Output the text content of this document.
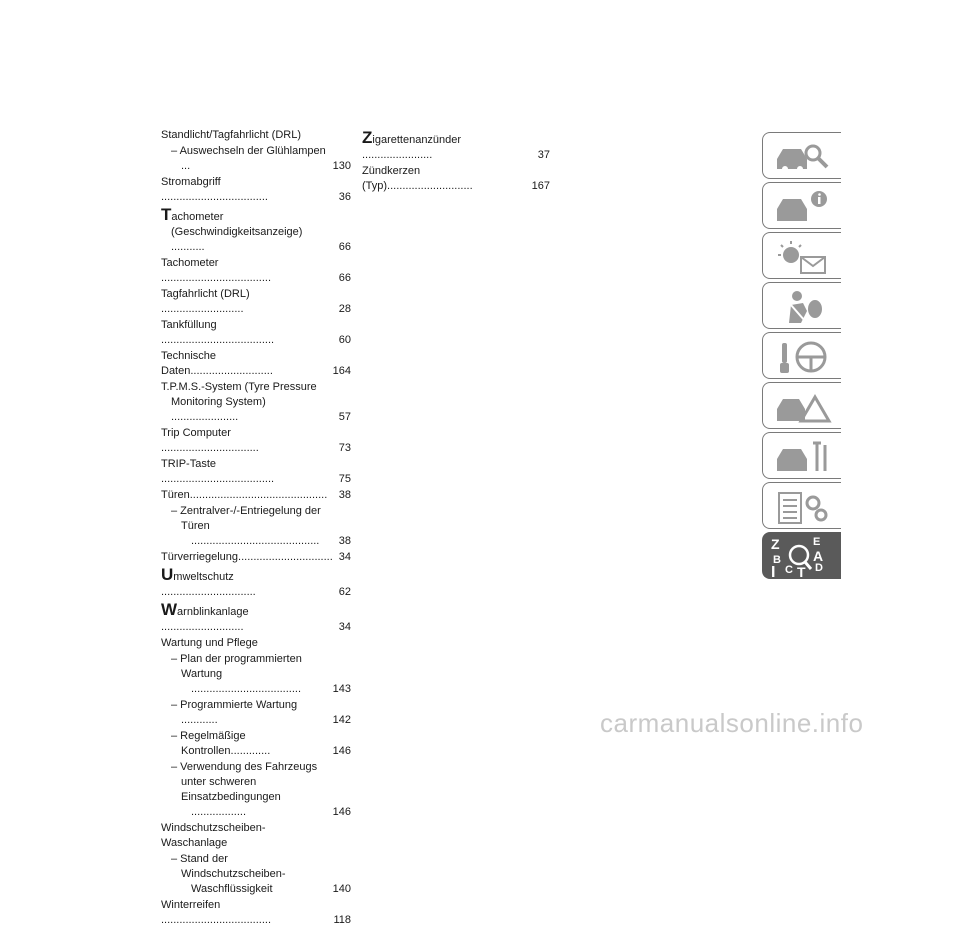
Standlicht/Tagfahrlicht (DRL)
– Auswechseln der Glühlampen ...	130
Stromabgriff ...................................	36
Tachometer
(Geschwindigkeitsanzeige) ...........	66
Tachometer ....................................	66
Tagfahrlicht (DRL) ...........................	28
Tankfüllung .....................................	60
Technische Daten...........................	164
T.P.M.S.-System (Tyre Pressure
Monitoring System) ......................	57
Trip Computer ................................	73
TRIP-Taste .....................................	75
Türen.............................................	38
– Zentralver-/-Entriegelung der
Türen ..........................................	38
Türverriegelung............................... 34
Umweltschutz ...............................	62
Warnblinkanlage ...........................	34
Wartung und Pflege
– Plan der programmierten
Wartung ....................................	143
– Programmierte Wartung ............	142
– Regelmäßige Kontrollen.............	146
– Verwendung des Fahrzeugs
unter schweren
Einsatzbedingungen ..................	146
Windschutzscheiben-Waschanlage
– Stand der
Windschutzscheiben-Waschflüssigkeit	140
Winterreifen ....................................	118
Zigarettenanzünder .......................	37
Zündkerzen (Typ)............................	167
Z	E
B A
I C T D
carmanualsonline.info
